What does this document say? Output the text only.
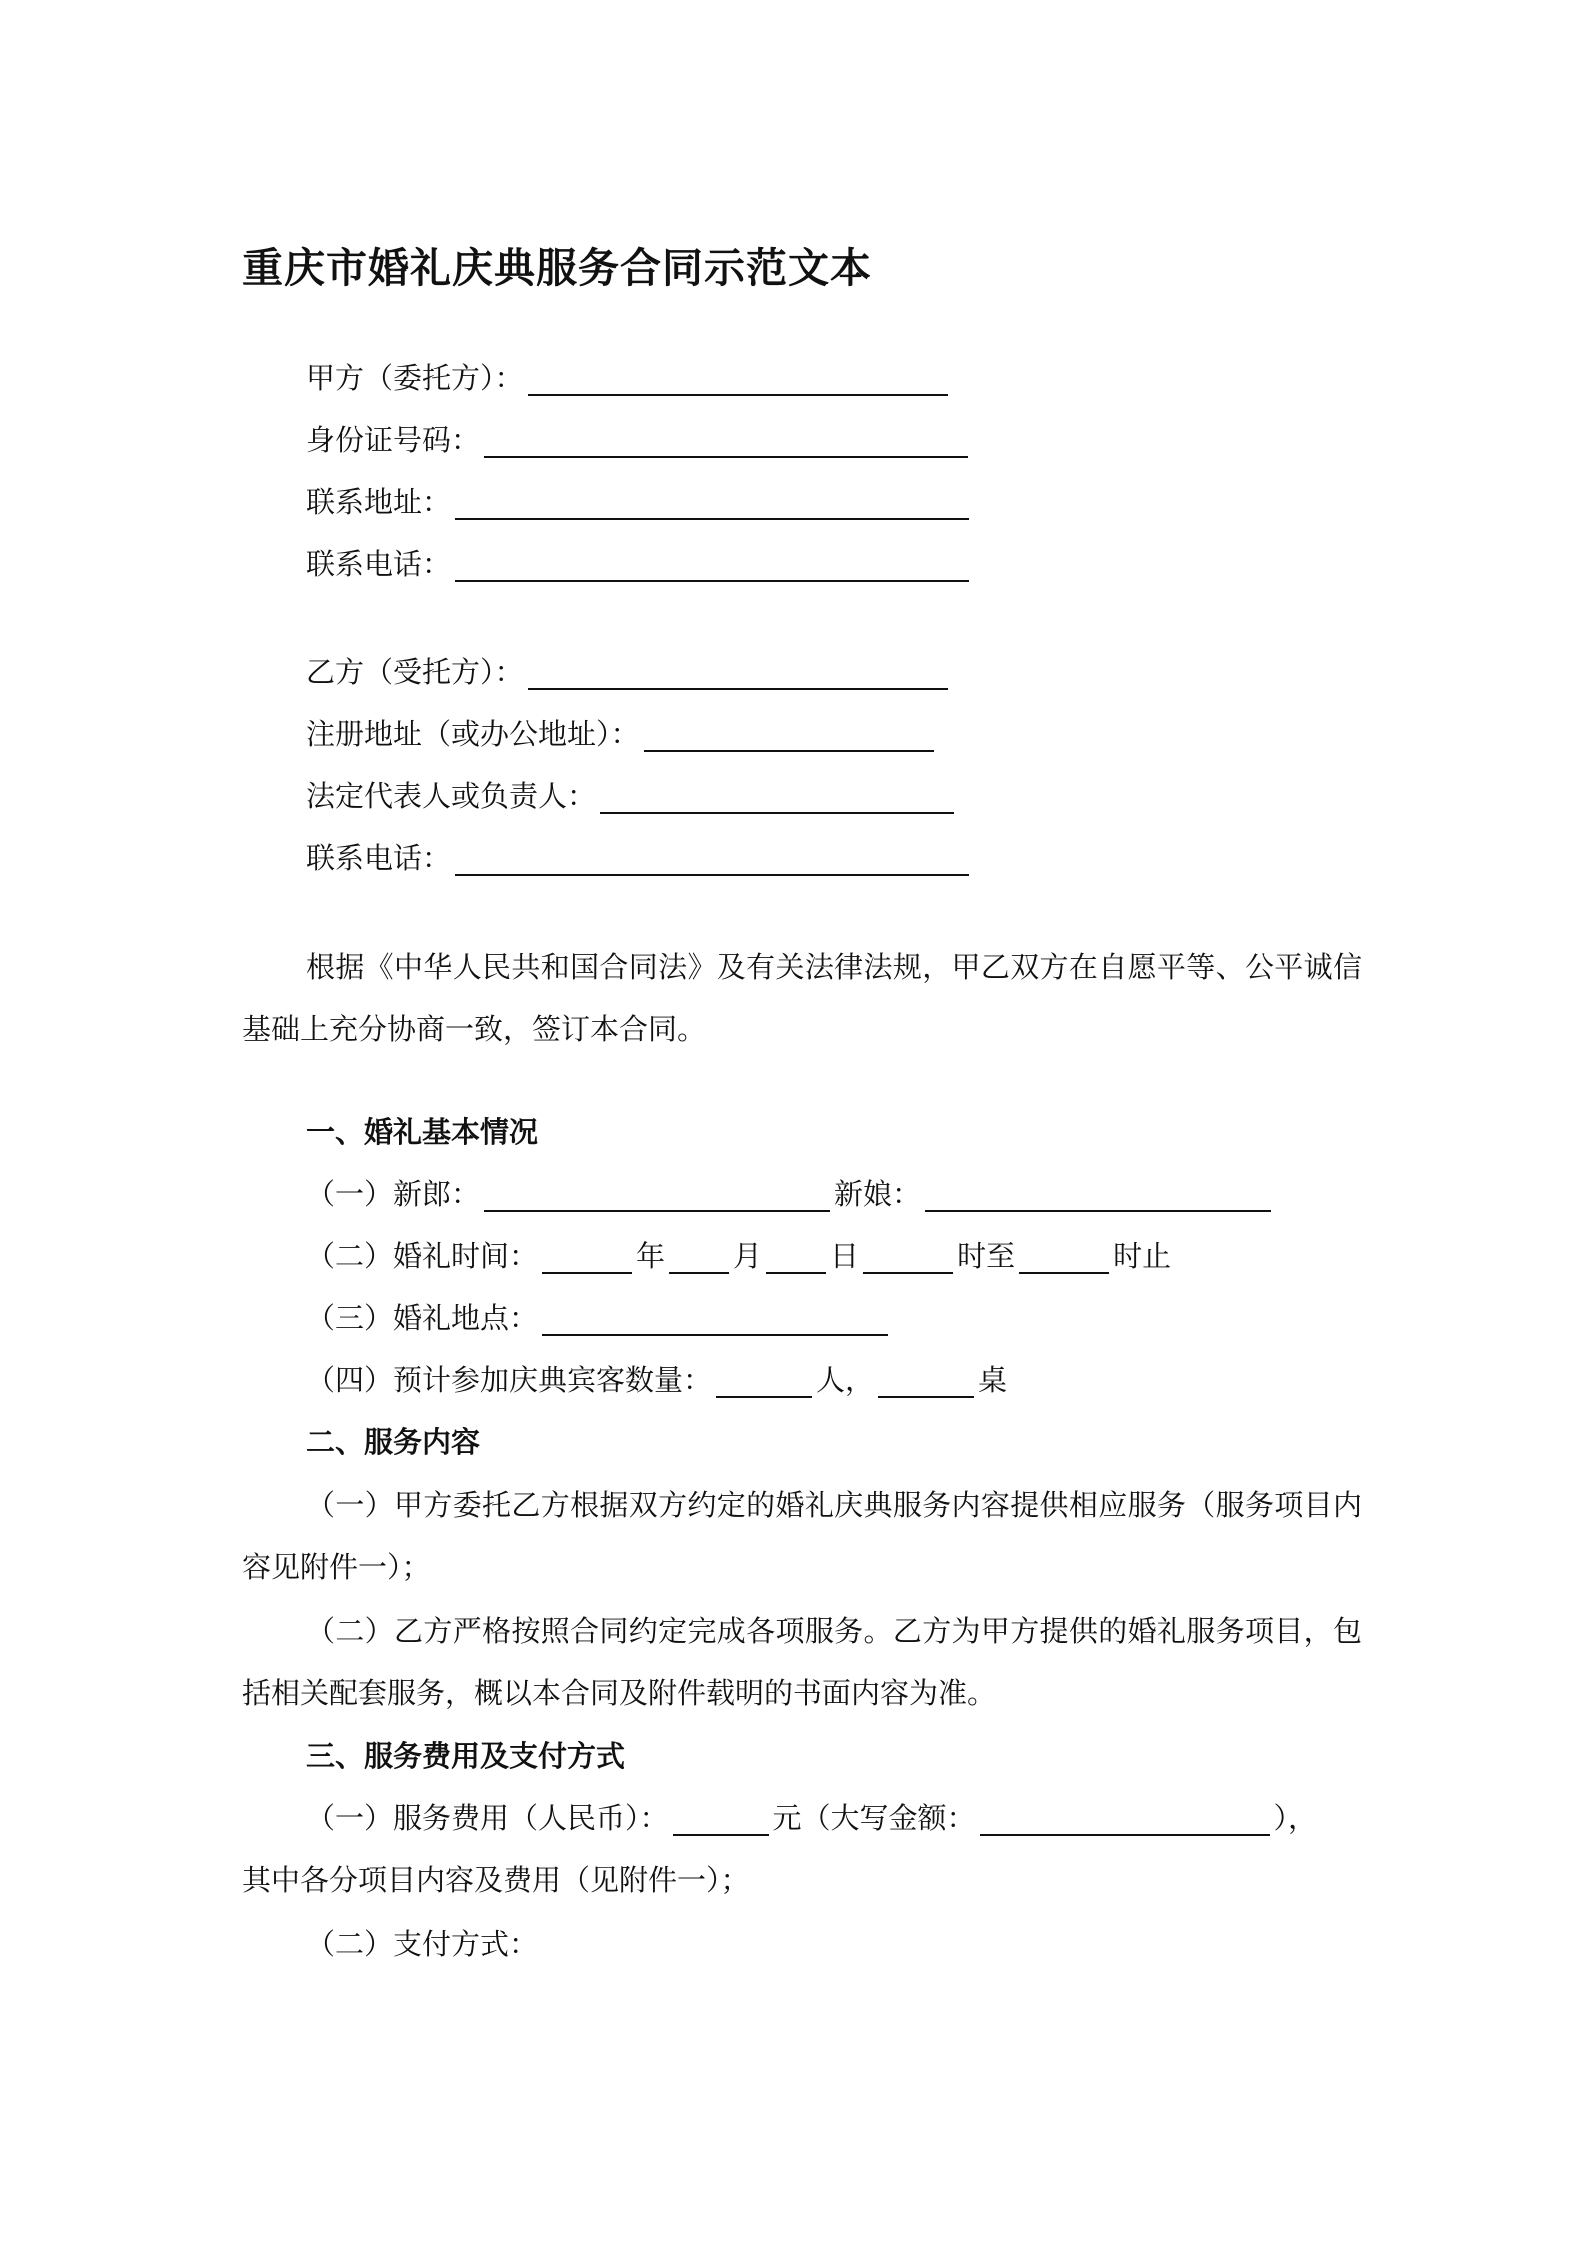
重庆市婚礼庆典服务合同示范文本
甲方（委托方）：
身份证号码：
联系地址：
联系电话：
乙方（受托方）：
注册地址（或办公地址）：
法定代表人或负责人：
联系电话：

根据《中华人民共和国合同法》及有关法律法规，甲乙双方在自愿平等、公平诚信基础上充分协商一致，签订本合同。

一、婚礼基本情况
（一）新郎：	新娘：
（二）婚礼时间：	年 月 日	时至	时止
（三）婚礼地点：
（四）预计参加庆典宾客数量：	人，	桌
二、服务内容

（一）甲方委托乙方根据双方约定的婚礼庆典服务内容提供相应服务（服务项目内容见附件一）；

（二）乙方严格按照合同约定完成各项服务。乙方为甲方提供的婚礼服务项目，包括相关配套服务，概以本合同及附件载明的书面内容为准。

三、服务费用及支付方式
（一）服务费用（人民币）：	元（大写金额：	），
其中各分项目内容及费用（见附件一）；
（二）支付方式：
